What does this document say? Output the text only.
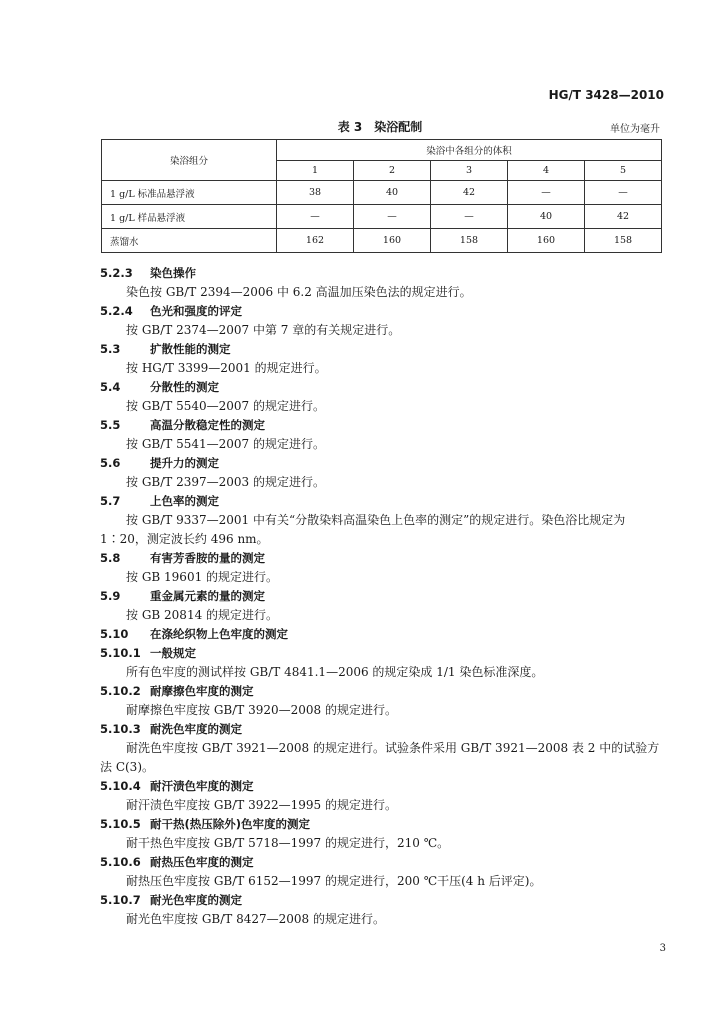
HG/T 3428—2010
表 3　染浴配制	单位为毫升
染浴组分	染浴中各组分的体积				
	1	2	3	4	5
1 g/L 标准品悬浮液	38	40	42	—	—
1 g/L 样品悬浮液	—	—	—	40	42
蒸馏水	162	160	158	160	158
5.2.3 染色操作
染色按 GB/T 2394—2006 中 6.2 高温加压染色法的规定进行。
5.2.4 色光和强度的评定
按 GB/T 2374—2007 中第 7 章的有关规定进行。
5.3	扩散性能的测定
按 HG/T 3399—2001 的规定进行。
5.4	分散性的测定
按 GB/T 5540—2007 的规定进行。
5.5	高温分散稳定性的测定
按 GB/T 5541—2007 的规定进行。
5.6	提升力的测定
按 GB/T 2397—2003 的规定进行。
5.7	上色率的测定
按 GB/T 9337—2001 中有关“分散染料高温染色上色率的测定”的规定进行。染色浴比规定为
1∶20，测定波长约 496 nm。
5.8	有害芳香胺的量的测定
按 GB 19601 的规定进行。
5.9	重金属元素的量的测定
按 GB 20814 的规定进行。
5.10 在涤纶织物上色牢度的测定
5.10.1 一般规定
所有色牢度的测试样按 GB/T 4841.1—2006 的规定染成 1/1 染色标准深度。
5.10.2 耐摩擦色牢度的测定
耐摩擦色牢度按 GB/T 3920—2008 的规定进行。
5.10.3 耐洗色牢度的测定
耐洗色牢度按 GB/T 3921—2008 的规定进行。试验条件采用 GB/T 3921—2008 表 2 中的试验方
法 C(3)。
5.10.4 耐汗渍色牢度的测定
耐汗渍色牢度按 GB/T 3922—1995 的规定进行。
5.10.5 耐干热(热压除外)色牢度的测定
耐干热色牢度按 GB/T 5718—1997 的规定进行，210 ℃。
5.10.6 耐热压色牢度的测定
耐热压色牢度按 GB/T 6152—1997 的规定进行，200 ℃干压(4 h 后评定)。
5.10.7 耐光色牢度的测定
耐光色牢度按 GB/T 8427—2008 的规定进行。
3
